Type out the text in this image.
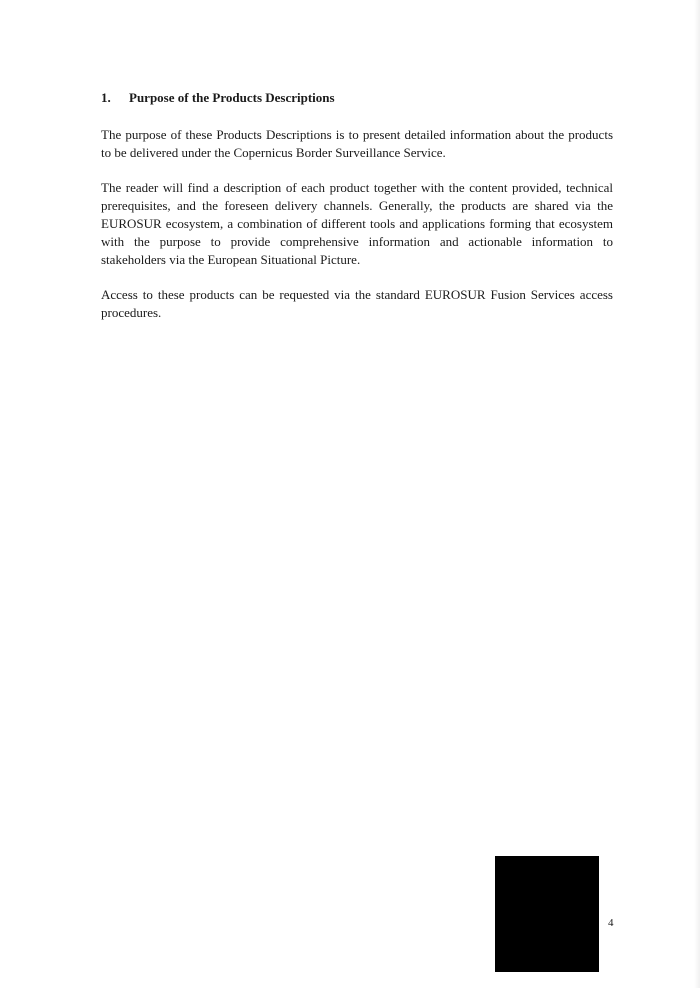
1.	Purpose of the Products Descriptions

The purpose of these Products Descriptions is to present detailed information about the products to be delivered under the Copernicus Border Surveillance Service.

The reader will find a description of each product together with the content provided, technical prerequisites, and the foreseen delivery channels. Generally, the products are shared via the EUROSUR ecosystem, a combination of different tools and applications forming that ecosystem with the purpose to provide comprehensive information and actionable information to stakeholders via the European Situational Picture.

Access to these products can be requested via the standard EUROSUR Fusion Services access procedures.

4
